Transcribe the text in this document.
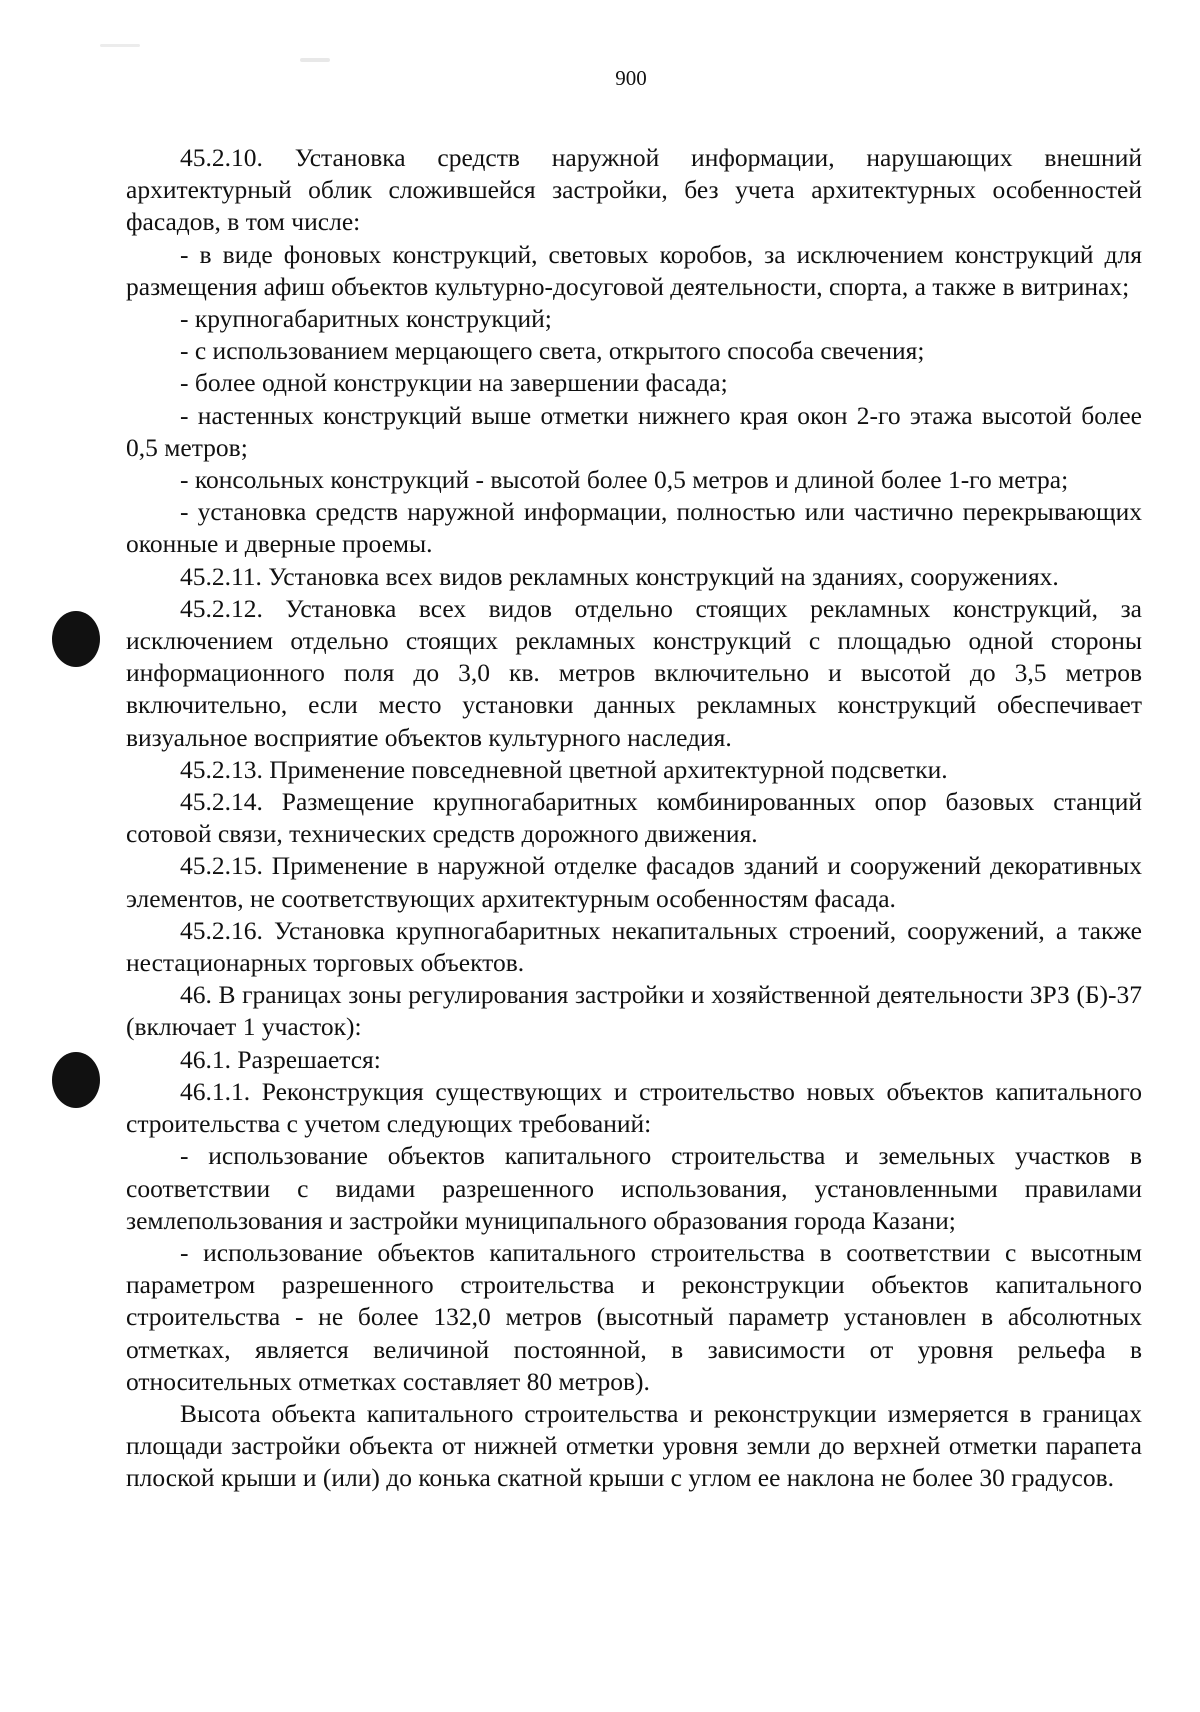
900

45.2.10. Установка средств наружной информации, нарушающих внешний архитектурный облик сложившейся застройки, без учета архитектурных особенностей фасадов, в том числе:

- в виде фоновых конструкций, световых коробов, за исключением конструкций для размещения афиш объектов культурно-досуговой деятельности, спорта, а также в витринах;

- крупногабаритных конструкций;

- с использованием мерцающего света, открытого способа свечения;

- более одной конструкции на завершении фасада;

- настенных конструкций выше отметки нижнего края окон 2-го этажа высотой более 0,5 метров;

- консольных конструкций - высотой более 0,5 метров и длиной более 1-го метра;

- установка средств наружной информации, полностью или частично перекрывающих оконные и дверные проемы.

45.2.11. Установка всех видов рекламных конструкций на зданиях, сооружениях.

45.2.12. Установка всех видов отдельно стоящих рекламных конструкций, за исключением отдельно стоящих рекламных конструкций с площадью одной стороны информационного поля до 3,0 кв. метров включительно и высотой до 3,5 метров включительно, если место установки данных рекламных конструкций обеспечивает визуальное восприятие объектов культурного наследия.

45.2.13. Применение повседневной цветной архитектурной подсветки.

45.2.14. Размещение крупногабаритных комбинированных опор базовых станций сотовой связи, технических средств дорожного движения.

45.2.15. Применение в наружной отделке фасадов зданий и сооружений декоративных элементов, не соответствующих архитектурным особенностям фасада.

45.2.16. Установка крупногабаритных некапитальных строений, сооружений, а также нестационарных торговых объектов.

46. В границах зоны регулирования застройки и хозяйственной деятельности ЗРЗ (Б)-37 (включает 1 участок):

46.1. Разрешается:

46.1.1. Реконструкция существующих и строительство новых объектов капитального строительства с учетом следующих требований:

- использование объектов капитального строительства и земельных участков в соответствии с видами разрешенного использования, установленными правилами землепользования и застройки муниципального образования города Казани;

- использование объектов капитального строительства в соответствии с высотным параметром разрешенного строительства и реконструкции объектов капитального строительства - не более 132,0 метров (высотный параметр установлен в абсолютных отметках, является величиной постоянной, в зависимости от уровня рельефа в относительных отметках составляет 80 метров).

Высота объекта капитального строительства и реконструкции измеряется в границах площади застройки объекта от нижней отметки уровня земли до верхней отметки парапета плоской крыши и (или) до конька скатной крыши с углом ее наклона не более 30 градусов.
